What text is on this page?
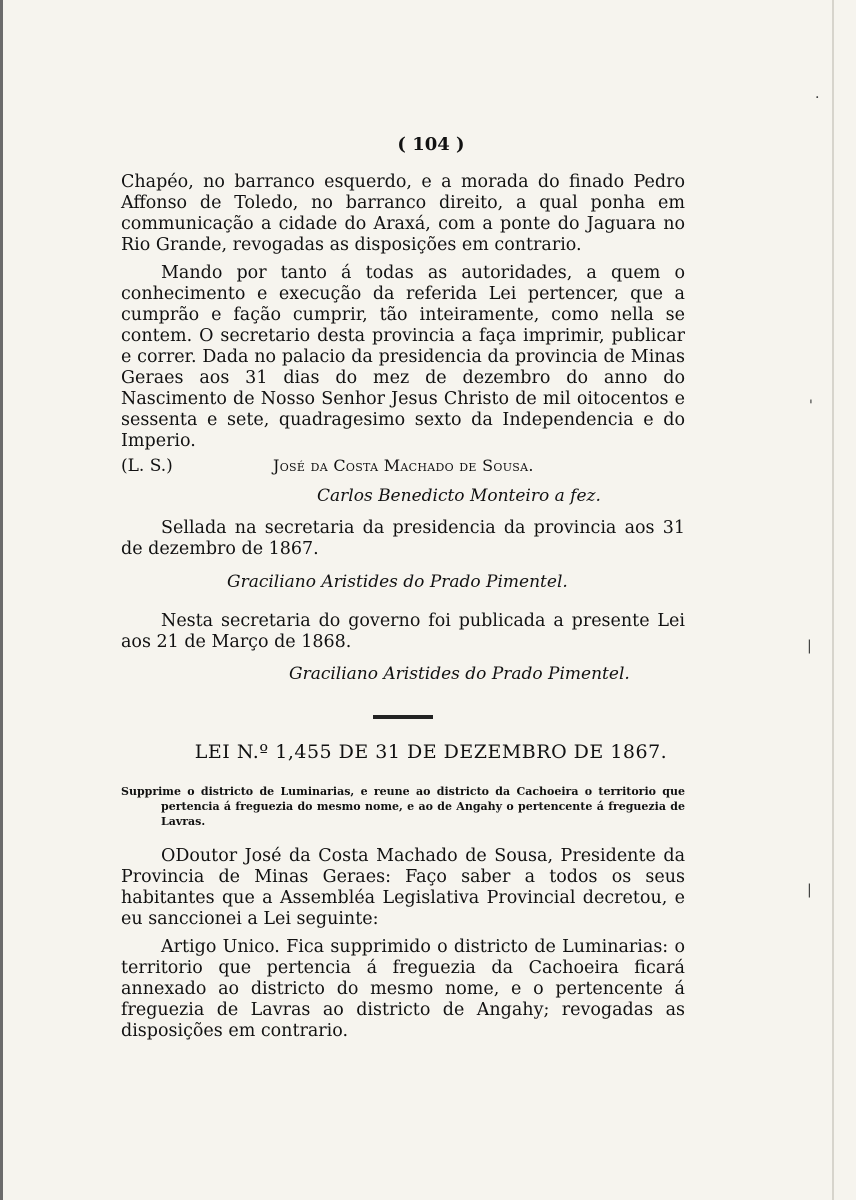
( 104 )

Chapéo, no barranco esquerdo, e a morada do finado Pedro Affonso de Toledo, no barranco direito, a qual ponha em communicação a cidade do Araxá, com a ponte do Jaguara no Rio Grande, revogadas as disposições em contrario.

Mando por tanto á todas as autoridades, a quem o conhecimento e execução da referida Lei pertencer, que a cumprão e fação cumprir, tão inteiramente, como nella se contem. O secretario desta provincia a faça imprimir, publicar e correr. Dada no palacio da presidencia da provincia de Minas Geraes aos 31 dias do mez de dezembro do anno do Nascimento de Nosso Senhor Jesus Christo de mil oitocentos e sessenta e sete, quadragesimo sexto da Independencia e do Imperio.

(L. S.)	José da Costa Machado de Sousa.
Carlos Benedicto Monteiro a fez.

Sellada na secretaria da presidencia da provincia aos 31 de dezembro de 1867.

Graciliano Aristides do Prado Pimentel.

Nesta secretaria do governo foi publicada a presente Lei aos 21 de Março de 1868.

Graciliano Aristides do Prado Pimentel.
LEI N.º 1,455 DE 31 DE DEZEMBRO DE 1867.

Supprime o districto de Luminarias, e reune ao districto da Cachoeira o territorio que pertencia á freguezia do mesmo nome, e ao de Angahy o pertencente á freguezia de Lavras.

ODoutor José da Costa Machado de Sousa, Presidente da Provincia de Minas Geraes: Faço saber a todos os seus habitantes que a Assembléa Legislativa Provincial decretou, e eu sanccionei a Lei seguinte:

Artigo Unico. Fica supprimido o districto de Luminarias: o territorio que pertencia á freguezia da Cachoeira ficará annexado ao districto do mesmo nome, e o pertencente á freguezia de Lavras ao districto de Angahy; revogadas as disposições em contrario.

.
'
|
|
